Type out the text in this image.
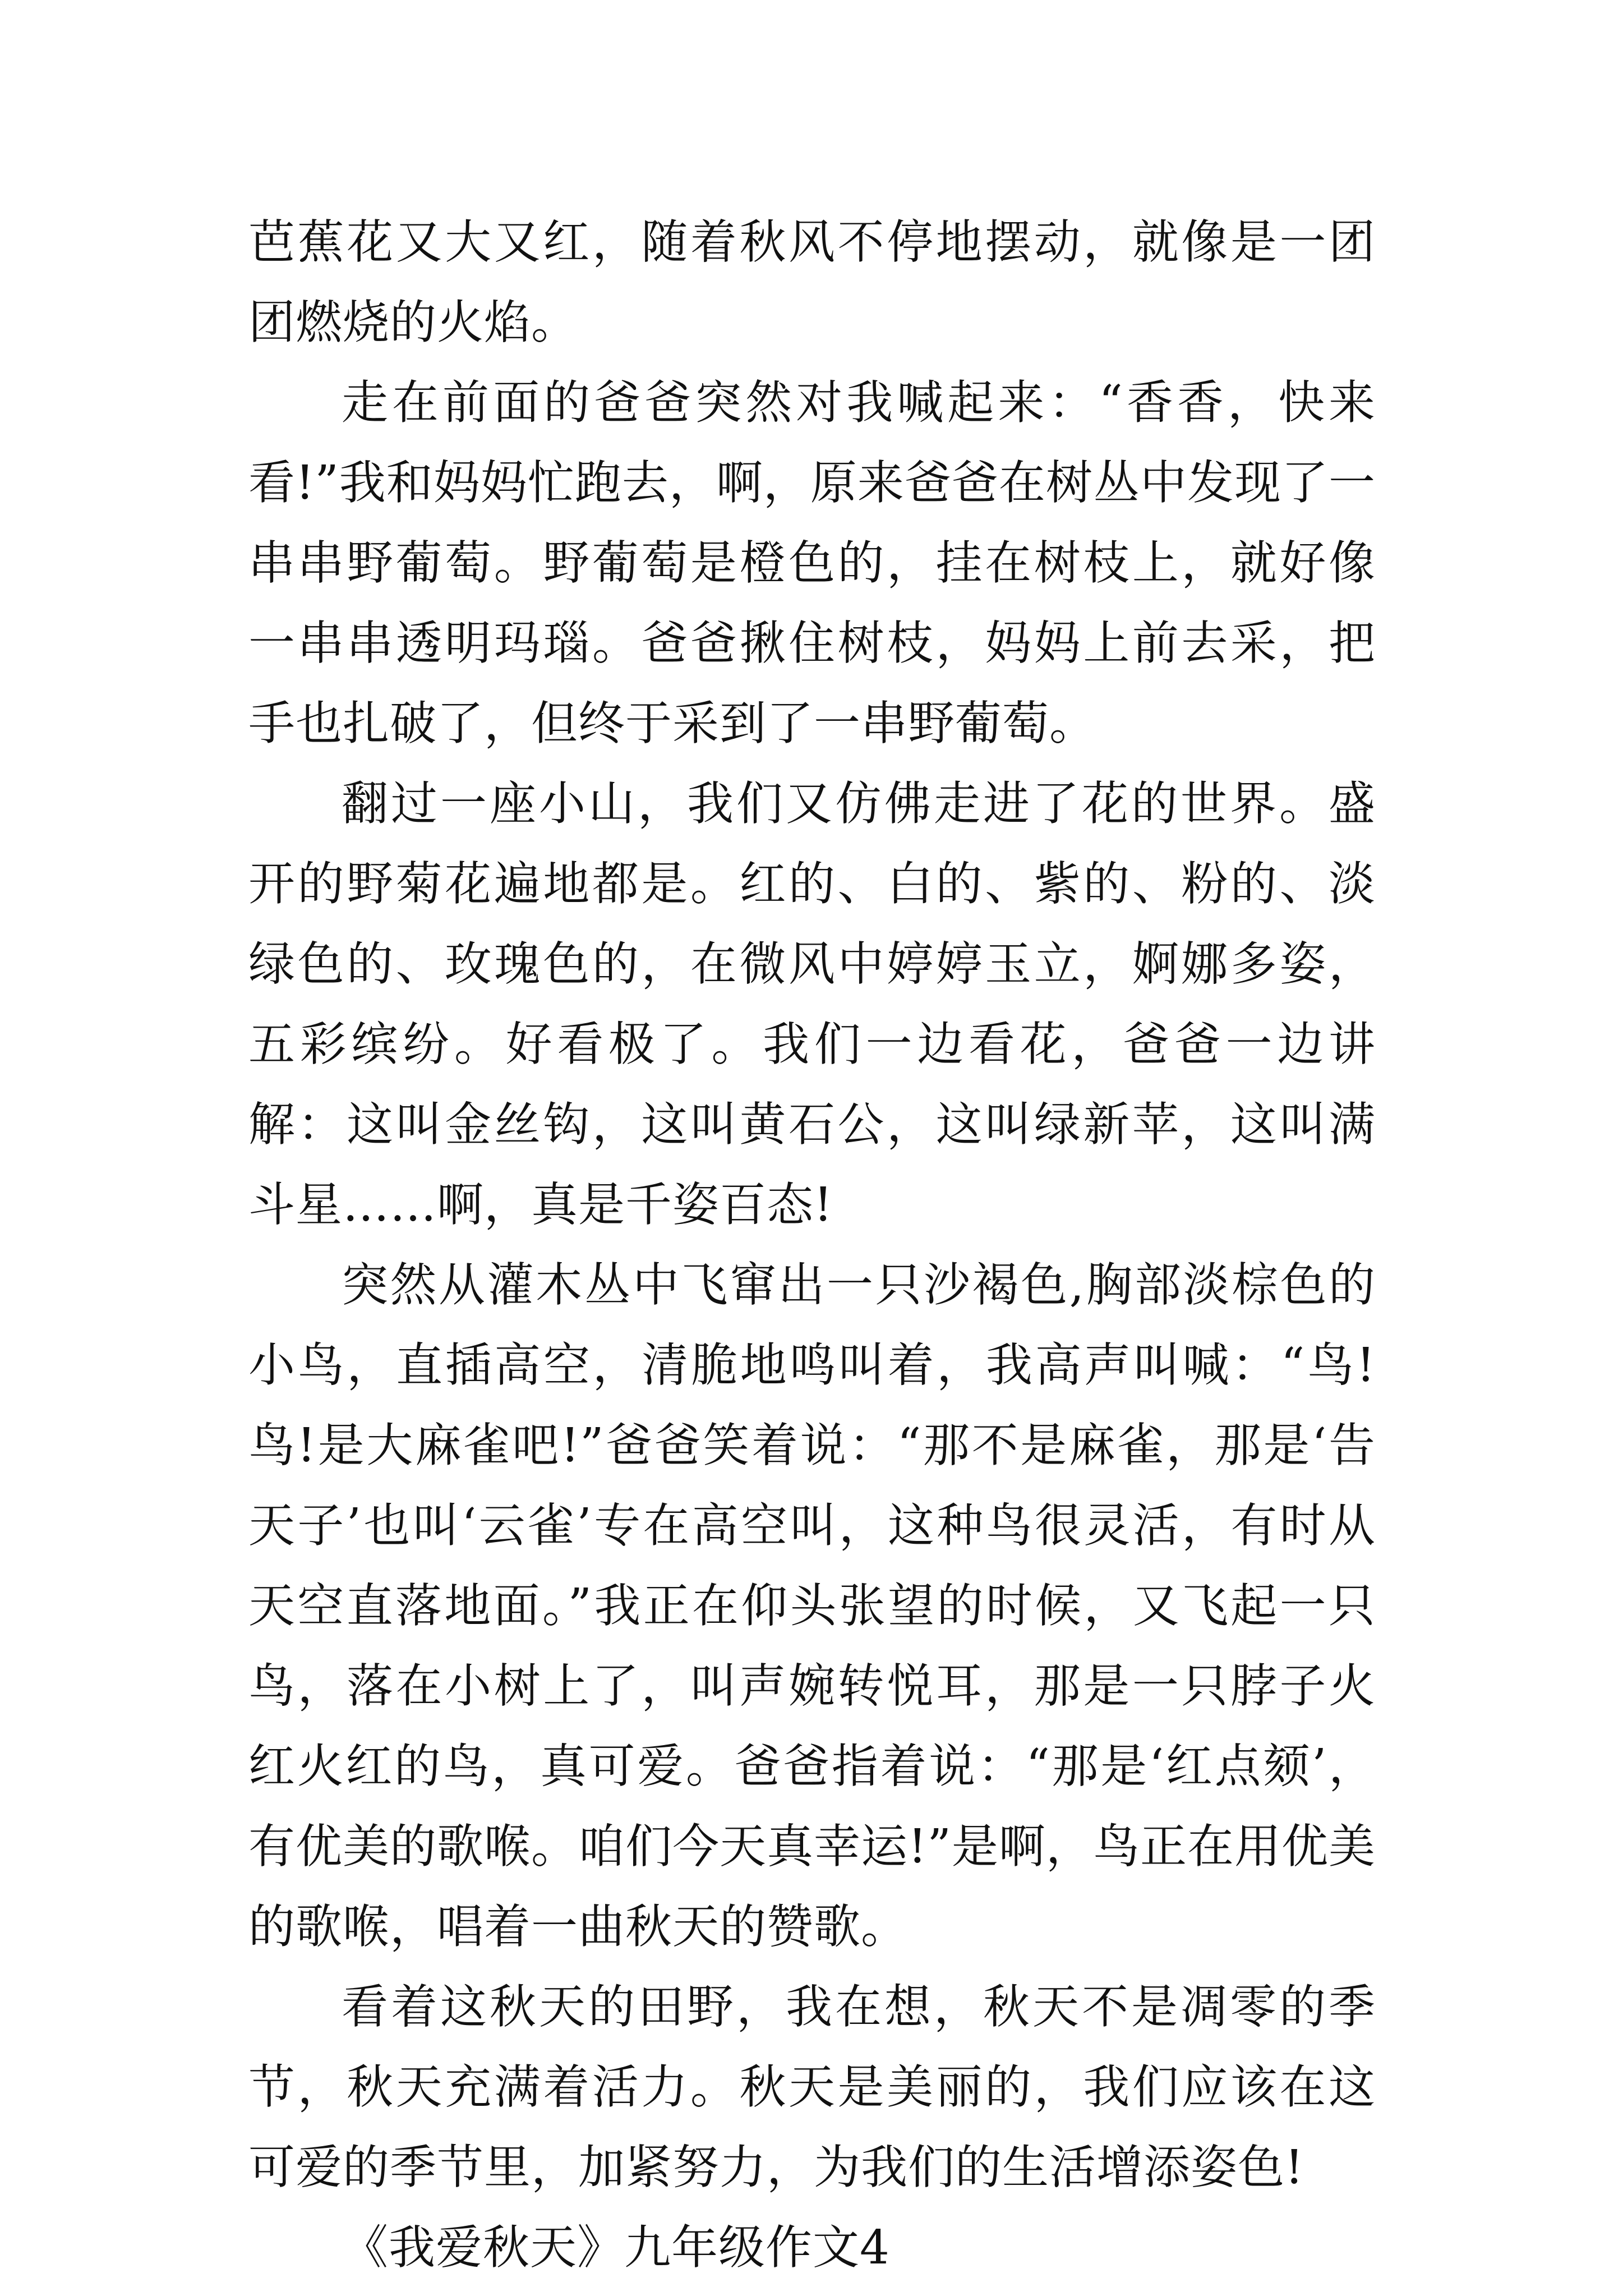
芭蕉花又大又红，随着秋风不停地摆动，就像是一团团燃烧的火焰。

走在前面的爸爸突然对我喊起来：“香香，快来看!”我和妈妈忙跑去，啊，原来爸爸在树丛中发现了一串串野葡萄。野葡萄是橙色的，挂在树枝上，就好像一串串透明玛瑙。爸爸揪住树枝，妈妈上前去采，把手也扎破了，但终于采到了一串野葡萄。

翻过一座小山，我们又仿佛走进了花的世界。盛开的野菊花遍地都是。红的、白的、紫的、粉的、淡绿色的、玫瑰色的，在微风中婷婷玉立，婀娜多姿，五彩缤纷。好看极了。我们一边看花，爸爸一边讲解：这叫金丝钩，这叫黄石公，这叫绿新苹，这叫满斗星……啊，真是千姿百态!

突然从灌木丛中飞窜出一只沙褐色,胸部淡棕色的小鸟，直插高空，清脆地鸣叫着，我高声叫喊：“鸟!鸟!是大麻雀吧!”爸爸笑着说：“那不是麻雀，那是‘告天子’也叫‘云雀’专在高空叫，这种鸟很灵活，有时从天空直落地面。”我正在仰头张望的时候，又飞起一只鸟，落在小树上了，叫声婉转悦耳，那是一只脖子火红火红的鸟，真可爱。爸爸指着说：“那是‘红点颏’，有优美的歌喉。咱们今天真幸运!”是啊，鸟正在用优美的歌喉，唱着一曲秋天的赞歌。

看着这秋天的田野，我在想，秋天不是凋零的季节，秋天充满着活力。秋天是美丽的，我们应该在这可爱的季节里，加紧努力，为我们的生活增添姿色!

《我爱秋天》九年级作文4
